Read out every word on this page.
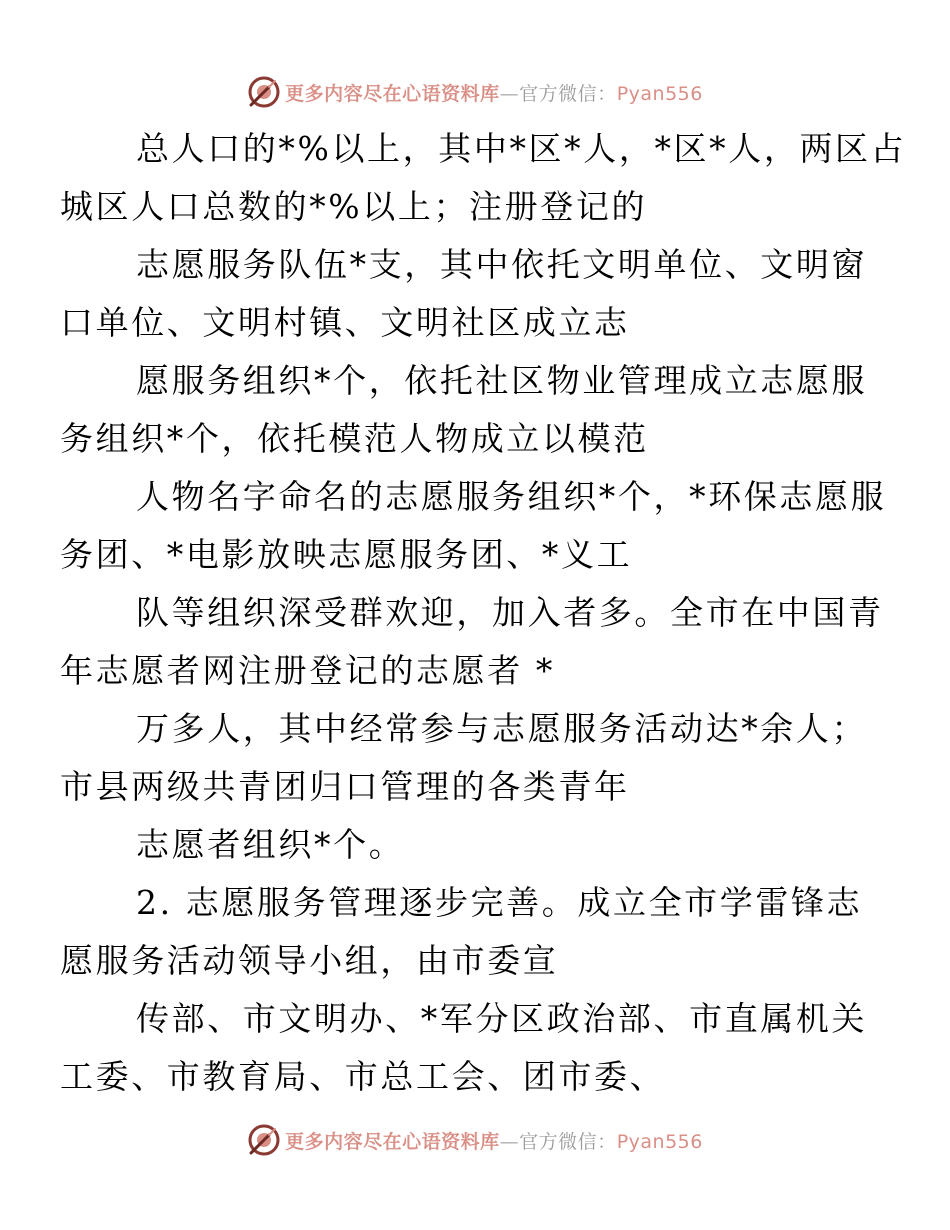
更多内容尽在心语资料库—官方微信：Pyan556

总人口的*%以上，其中*区*人，*区*人，两区占
城区人口总数的*%以上；注册登记的

志愿服务队伍*支，其中依托文明单位、文明窗
口单位、文明村镇、文明社区成立志

愿服务组织*个，依托社区物业管理成立志愿服
务组织*个，依托模范人物成立以模范

人物名字命名的志愿服务组织*个，*环保志愿服
务团、*电影放映志愿服务团、*义工

队等组织深受群欢迎，加入者多。全市在中国青
年志愿者网注册登记的志愿者 *

万多人，其中经常参与志愿服务活动达*余人；
市县两级共青团归口管理的各类青年

志愿者组织*个。

2. 志愿服务管理逐步完善。成立全市学雷锋志
愿服务活动领导小组，由市委宣

传部、市文明办、*军分区政治部、市直属机关
工委、市教育局、市总工会、团市委、

更多内容尽在心语资料库—官方微信：Pyan556
